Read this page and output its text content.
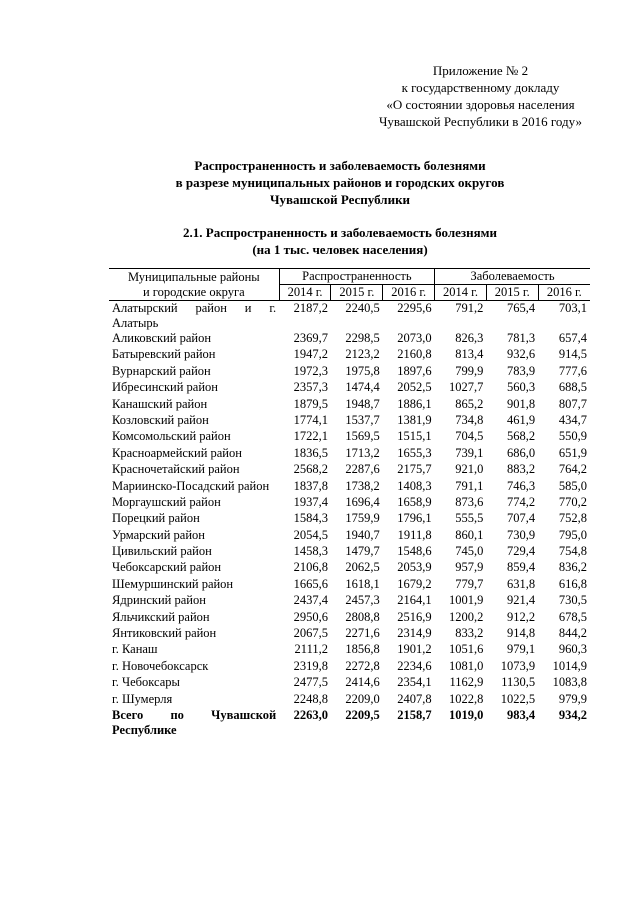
Приложение № 2
к государственному докладу
«О состоянии здоровья населения
Чувашской Республики в 2016 году»
Распространенность и заболеваемость болезнями
в разрезе муниципальных районов и городских округов
Чувашской Республики
2.1. Распространенность и заболеваемость болезнями
(на 1 тыс. человек населения)
Муниципальные районы
и городские округа	Распространенность			Заболеваемость		
	2014 г.	2015 г.	2016 г.	2014 г.	2015 г.	2016 г.
Алатырский район и г. Алатырь	2187,2	2240,5	2295,6	791,2	765,4	703,1
Аликовский район	2369,7	2298,5	2073,0	826,3	781,3	657,4
Батыревский район	1947,2	2123,2	2160,8	813,4	932,6	914,5
Вурнарский район	1972,3	1975,8	1897,6	799,9	783,9	777,6
Ибресинский район	2357,3	1474,4	2052,5	1027,7	560,3	688,5
Канашский район	1879,5	1948,7	1886,1	865,2	901,8	807,7
Козловский район	1774,1	1537,7	1381,9	734,8	461,9	434,7
Комсомольский район	1722,1	1569,5	1515,1	704,5	568,2	550,9
Красноармейский район	1836,5	1713,2	1655,3	739,1	686,0	651,9
Красночетайский район	2568,2	2287,6	2175,7	921,0	883,2	764,2
Мариинско-Посадский район	1837,8	1738,2	1408,3	791,1	746,3	585,0
Моргаушский район	1937,4	1696,4	1658,9	873,6	774,2	770,2
Порецкий район	1584,3	1759,9	1796,1	555,5	707,4	752,8
Урмарский район	2054,5	1940,7	1911,8	860,1	730,9	795,0
Цивильский район	1458,3	1479,7	1548,6	745,0	729,4	754,8
Чебоксарский район	2106,8	2062,5	2053,9	957,9	859,4	836,2
Шемуршинский район	1665,6	1618,1	1679,2	779,7	631,8	616,8
Ядринский район	2437,4	2457,3	2164,1	1001,9	921,4	730,5
Яльчикский район	2950,6	2808,8	2516,9	1200,2	912,2	678,5
Янтиковский район	2067,5	2271,6	2314,9	833,2	914,8	844,2
г. Канаш	2111,2	1856,8	1901,2	1051,6	979,1	960,3
г. Новочебоксарск	2319,8	2272,8	2234,6	1081,0	1073,9	1014,9
г. Чебоксары	2477,5	2414,6	2354,1	1162,9	1130,5	1083,8
г. Шумерля	2248,8	2209,0	2407,8	1022,8	1022,5	979,9

Всего по Чувашской
Республике	2263,0	2209,5	2158,7	1019,0	983,4	934,2
